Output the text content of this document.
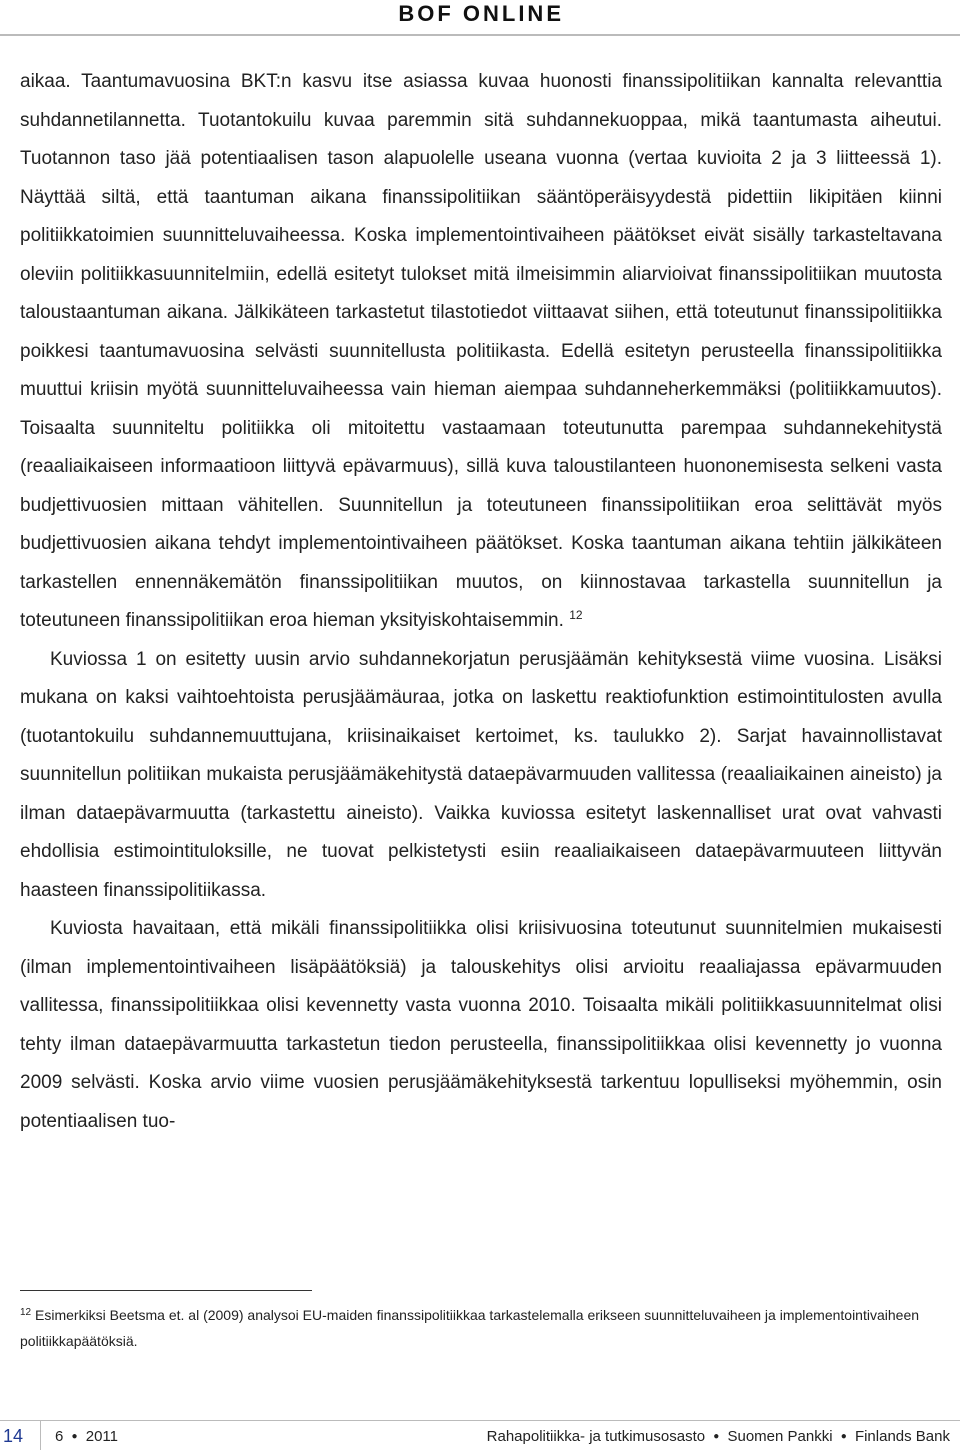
BOF ONLINE

aikaa. Taantumavuosina BKT:n kasvu itse asiassa kuvaa huonosti finanssipolitiikan kannalta relevanttia suhdannetilannetta. Tuotantokuilu kuvaa paremmin sitä suhdannekuoppaa, mikä taantumasta aiheutui. Tuotannon taso jää potentiaalisen tason alapuolelle useana vuonna (vertaa kuvioita 2 ja 3 liitteessä 1). Näyttää siltä, että taantuman aikana finanssipolitiikan sääntöperäisyydestä pidettiin likipitäen kiinni politiikkatoimien suunnitteluvaiheessa. Koska implementointivaiheen päätökset eivät sisälly tarkasteltavana oleviin politiikkasuunnitelmiin, edellä esitetyt tulokset mitä ilmeisimmin aliarvioivat finanssipolitiikan muutosta taloustaantuman aikana. Jälkikäteen tarkastetut tilastotiedot viittaavat siihen, että toteutunut finanssipolitiikka poikkesi taantumavuosina selvästi suunnitellusta politiikasta. Edellä esitetyn perusteella finanssipolitiikka muuttui kriisin myötä suunnitteluvaiheessa vain hieman aiempaa suhdanneherkemmäksi (politiikkamuutos). Toisaalta suunniteltu politiikka oli mitoitettu vastaamaan toteutunutta parempaa suhdannekehitystä (reaaliaikaiseen informaatioon liittyvä epävarmuus), sillä kuva taloustilanteen huononemisesta selkeni vasta budjettivuosien mittaan vähitellen. Suunnitellun ja toteutuneen finanssipolitiikan eroa selittävät myös budjettivuosien aikana tehdyt implementointivaiheen päätökset. Koska taantuman aikana tehtiin jälkikäteen tarkastellen ennennäkemätön finanssipolitiikan muutos, on kiinnostavaa tarkastella suunnitellun ja toteutuneen finanssipolitiikan eroa hieman yksityiskohtaisemmin. $^{12}$

Kuviossa 1 on esitetty uusin arvio suhdannekorjatun perusjäämän kehityksestä viime vuosina. Lisäksi mukana on kaksi vaihtoehtoista perusjäämäuraa, jotka on laskettu reaktiofunktion estimointitulosten avulla (tuotantokuilu suhdannemuuttujana, kriisinaikaiset kertoimet, ks. taulukko 2). Sarjat havainnollistavat suunnitellun politiikan mukaista perusjäämäkehitystä dataepävarmuuden vallitessa (reaaliaikainen aineisto) ja ilman dataepävarmuutta (tarkastettu aineisto). Vaikka kuviossa esitetyt laskennalliset urat ovat vahvasti ehdollisia estimointituloksille, ne tuovat pelkistetysti esiin reaaliaikaiseen dataepävarmuuteen liittyvän haasteen finanssipolitiikassa.

Kuviosta havaitaan, että mikäli finanssipolitiikka olisi kriisivuosina toteutunut suunnitelmien mukaisesti (ilman implementointivaiheen lisäpäätöksiä) ja talouskehitys olisi arvioitu reaaliajassa epävarmuuden vallitessa, finanssipolitiikkaa olisi kevennetty vasta vuonna 2010. Toisaalta mikäli politiikkasuunnitelmat olisi tehty ilman dataepävarmuutta tarkastetun tiedon perusteella, finanssipolitiikkaa olisi kevennetty jo vuonna 2009 selvästi. Koska arvio viime vuosien perusjäämäkehityksestä tarkentuu lopulliseksi myöhemmin, osin potentiaalisen tuo-

$^{12}$ Esimerkiksi Beetsma et. al (2009) analysoi EU-maiden finanssipolitiikkaa tarkastelemalla erikseen suunnitteluvaiheen ja implementointivaiheen politiikkapäätöksiä.
14 6 ● 2011	Rahapolitiikka- ja tutkimusosasto ● Suomen Pankki ● Finlands Bank
